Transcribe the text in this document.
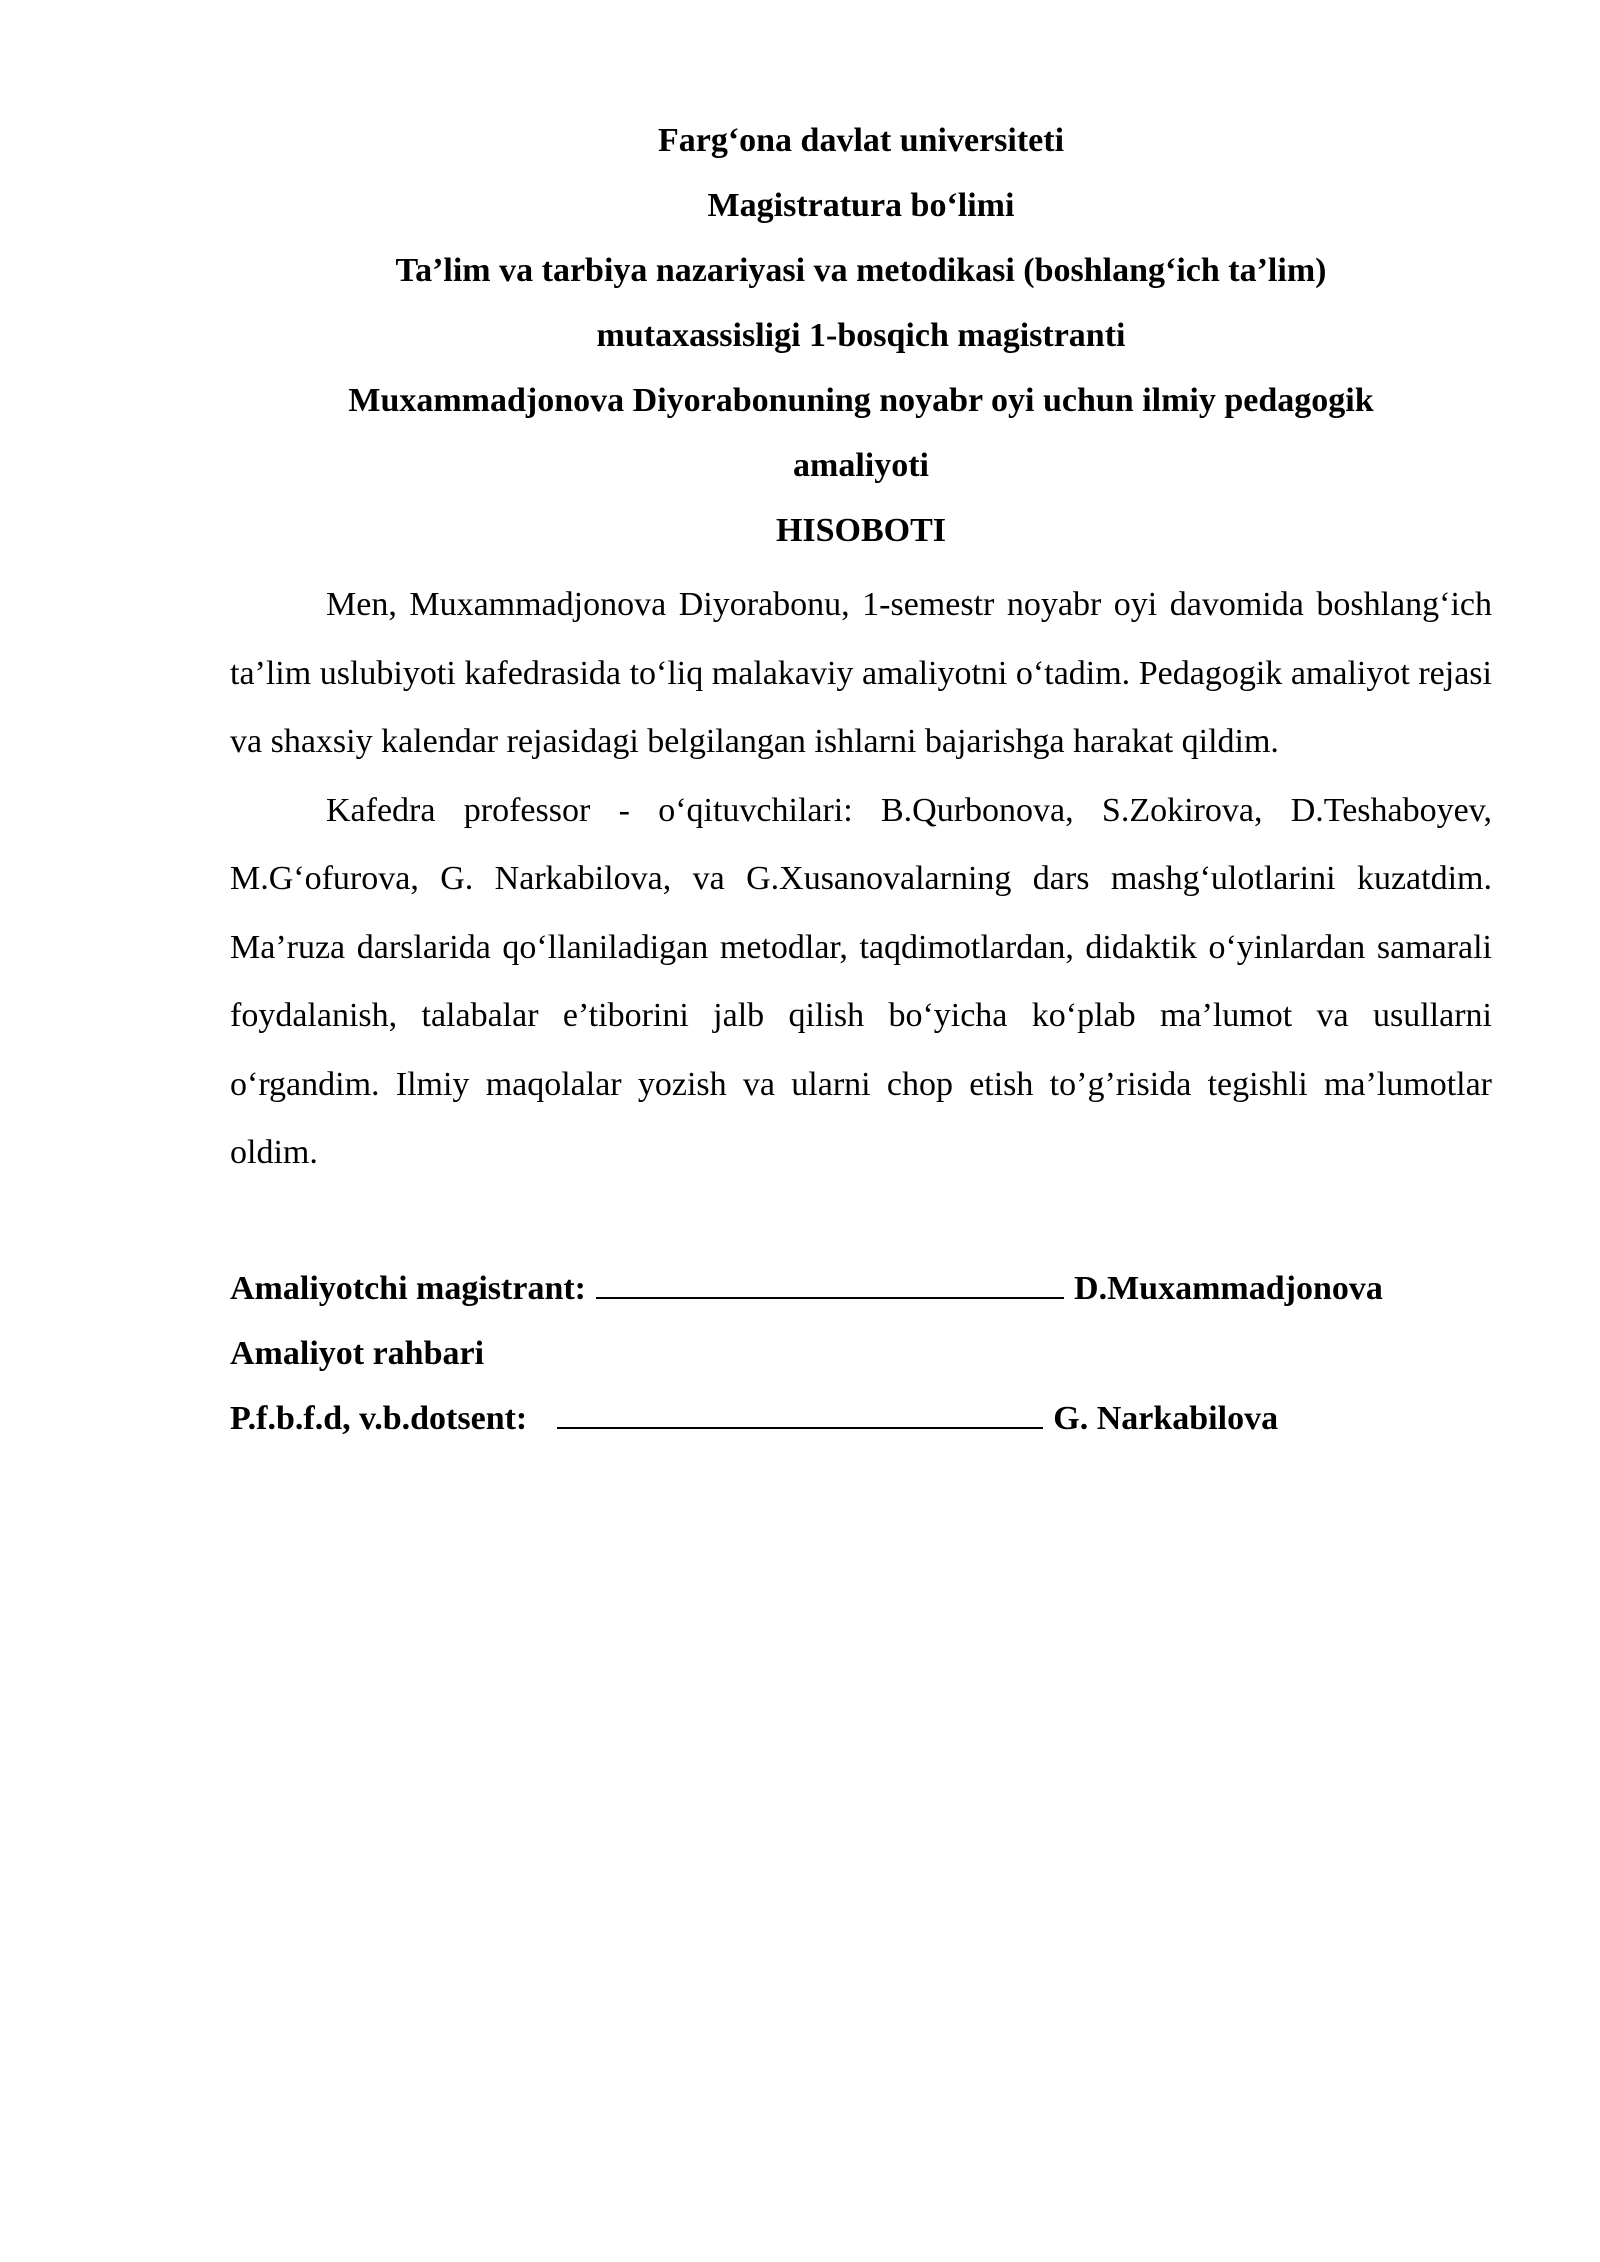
Farg‘ona davlat universiteti
Magistratura bo‘limi
Ta’lim va tarbiya nazariyasi va metodikasi (boshlang‘ich ta’lim)
mutaxassisligi 1-bosqich magistranti
Muxammadjonova Diyorabonuning noyabr oyi uchun ilmiy pedagogik
amaliyoti
HISOBOTI

Men, Muxammadjonova Diyorabonu, 1-semestr noyabr oyi davomida boshlang‘ich ta’lim uslubiyoti kafedrasida to‘liq malakaviy amaliyotni o‘tadim. Pedagogik amaliyot rejasi va shaxsiy kalendar rejasidagi belgilangan ishlarni bajarishga harakat qildim.

Kafedra professor - o‘qituvchilari: B.Qurbonova, S.Zokirova, D.Teshaboyev, M.G‘ofurova, G. Narkabilova, va G.Xusanovalarning dars mashg‘ulotlarini kuzatdim. Ma’ruza darslarida qo‘llaniladigan metodlar, taqdimotlardan, didaktik o‘yinlardan samarali foydalanish, talabalar e’tiborini jalb qilish bo‘yicha ko‘plab ma’lumot va usullarni o‘rgandim. Ilmiy maqolalar yozish va ularni chop etish to’g’risida tegishli ma’lumotlar oldim.

Amaliyotchi magistrant:	D.Muxammadjonova
Amaliyot rahbari
P.f.b.f.d, v.b.dotsent:	G. Narkabilova
